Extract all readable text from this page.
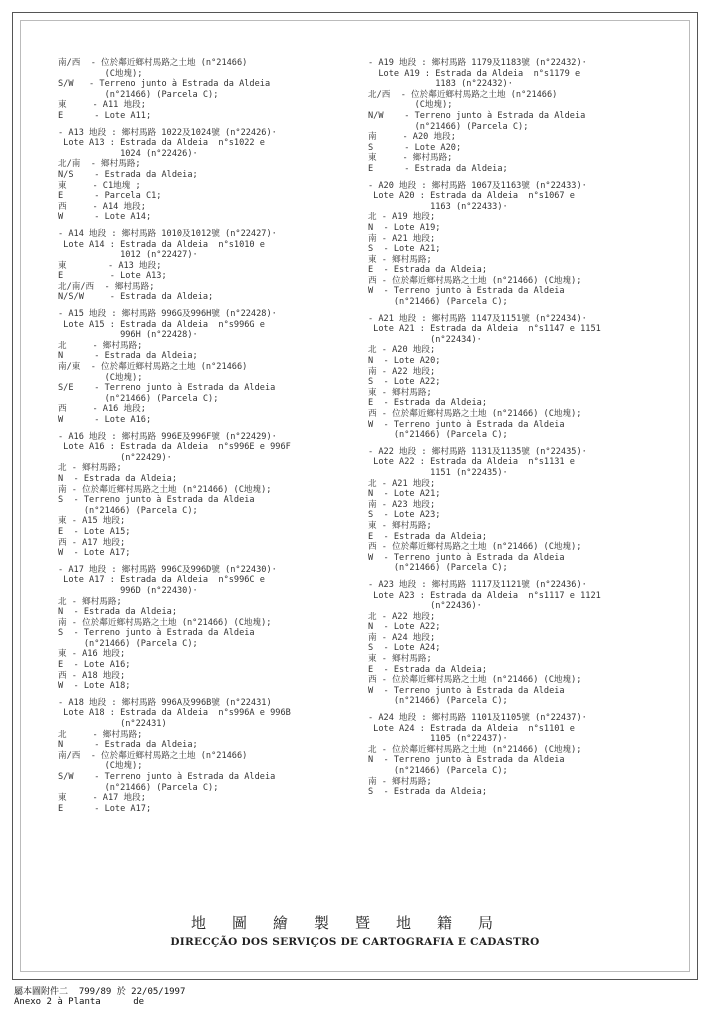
南/西  - 位於鄰近鄉村馬路之土地 (n°21466)
(C地塊);
S/W   - Terreno junto à Estrada da Aldeia
(n°21466) (Parcela C);
東     - A11 地段;
E      - Lote A11;
- A13 地段 : 鄉村馬路 1022及1024號 (n°22426)·
Lote A13 : Estrada da Aldeia  n°s1022 e
1024 (n°22426)·
北/南  - 鄉村馬路;
N/S    - Estrada da Aldeia;
東     - C1地塊 ;
E      - Parcela C1;
西     - A14 地段;
W      - Lote A14;
- A14 地段 : 鄉村馬路 1010及1012號 (n°22427)·
Lote A14 : Estrada da Aldeia  n°s1010 e
1012 (n°22427)·
東        - A13 地段;
E         - Lote A13;
北/南/西  - 鄉村馬路;
N/S/W     - Estrada da Aldeia;
- A15 地段 : 鄉村馬路 996G及996H號 (n°22428)·
Lote A15 : Estrada da Aldeia  n°s996G e
996H (n°22428)·
北     - 鄉村馬路;
N      - Estrada da Aldeia;
南/東  - 位於鄰近鄉村馬路之土地 (n°21466)
(C地塊);
S/E    - Terreno junto à Estrada da Aldeia
(n°21466) (Parcela C);
西     - A16 地段;
W      - Lote A16;
- A16 地段 : 鄉村馬路 996E及996F號 (n°22429)·
Lote A16 : Estrada da Aldeia  n°s996E e 996F
(n°22429)·
北 - 鄉村馬路;
N  - Estrada da Aldeia;
南 - 位於鄰近鄉村馬路之土地 (n°21466) (C地塊);
S  - Terreno junto à Estrada da Aldeia
(n°21466) (Parcela C);
東 - A15 地段;
E  - Lote A15;
西 - A17 地段;
W  - Lote A17;
- A17 地段 : 鄉村馬路 996C及996D號 (n°22430)·
Lote A17 : Estrada da Aldeia  n°s996C e
996D (n°22430)·
北 - 鄉村馬路;
N  - Estrada da Aldeia;
南 - 位於鄰近鄉村馬路之土地 (n°21466) (C地塊);
S  - Terreno junto à Estrada da Aldeia
(n°21466) (Parcela C);
東 - A16 地段;
E  - Lote A16;
西 - A18 地段;
W  - Lote A18;
- A18 地段 : 鄉村馬路 996A及996B號 (n°22431)
Lote A18 : Estrada da Aldeia  n°s996A e 996B
(n°22431)
北     - 鄉村馬路;
N      - Estrada da Aldeia;
南/西  - 位於鄰近鄉村馬路之土地 (n°21466)
(C地塊);
S/W    - Terreno junto à Estrada da Aldeia
(n°21466) (Parcela C);
東     - A17 地段;
E      - Lote A17;
- A19 地段 : 鄉村馬路 1179及1183號 (n°22432)·
Lote A19 : Estrada da Aldeia  n°s1179 e
1183 (n°22432)·
北/西  - 位於鄰近鄉村馬路之土地 (n°21466)
(C地塊);
N/W    - Terreno junto à Estrada da Aldeia
(n°21466) (Parcela C);
南     - A20 地段;
S      - Lote A20;
東     - 鄉村馬路;
E      - Estrada da Aldeia;
- A20 地段 : 鄉村馬路 1067及1163號 (n°22433)·
Lote A20 : Estrada da Aldeia  n°s1067 e
1163 (n°22433)·
北 - A19 地段;
N  - Lote A19;
南 - A21 地段;
S  - Lote A21;
東 - 鄉村馬路;
E  - Estrada da Aldeia;
西 - 位於鄰近鄉村馬路之土地 (n°21466) (C地塊);
W  - Terreno junto à Estrada da Aldeia
(n°21466) (Parcela C);
- A21 地段 : 鄉村馬路 1147及1151號 (n°22434)·
Lote A21 : Estrada da Aldeia  n°s1147 e 1151
(n°22434)·
北 - A20 地段;
N  - Lote A20;
南 - A22 地段;
S  - Lote A22;
東 - 鄉村馬路;
E  - Estrada da Aldeia;
西 - 位於鄰近鄉村馬路之土地 (n°21466) (C地塊);
W  - Terreno junto à Estrada da Aldeia
(n°21466) (Parcela C);
- A22 地段 : 鄉村馬路 1131及1135號 (n°22435)·
Lote A22 : Estrada da Aldeia  n°s1131 e
1151 (n°22435)·
北 - A21 地段;
N  - Lote A21;
南 - A23 地段;
S  - Lote A23;
東 - 鄉村馬路;
E  - Estrada da Aldeia;
西 - 位於鄰近鄉村馬路之土地 (n°21466) (C地塊);
W  - Terreno junto à Estrada da Aldeia
(n°21466) (Parcela C);
- A23 地段 : 鄉村馬路 1117及1121號 (n°22436)·
Lote A23 : Estrada da Aldeia  n°s1117 e 1121
(n°22436)·
北 - A22 地段;
N  - Lote A22;
南 - A24 地段;
S  - Lote A24;
東 - 鄉村馬路;
E  - Estrada da Aldeia;
西 - 位於鄰近鄉村馬路之土地 (n°21466) (C地塊);
W  - Terreno junto à Estrada da Aldeia
(n°21466) (Parcela C);
- A24 地段 : 鄉村馬路 1101及1105號 (n°22437)·
Lote A24 : Estrada da Aldeia  n°s1101 e
1105 (n°22437)·
北 - 位於鄰近鄉村馬路之土地 (n°21466) (C地塊);
N  - Terreno junto à Estrada da Aldeia
(n°21466) (Parcela C);
南 - 鄉村馬路;
S  - Estrada da Aldeia;
地圖繪製暨地籍局
DIRECÇÃO DOS SERVIÇOS DE CARTOGRAFIA E CADASTRO
屬本圖附件二  799/89 於 22/05/1997
Anexo 2 à Planta      de
